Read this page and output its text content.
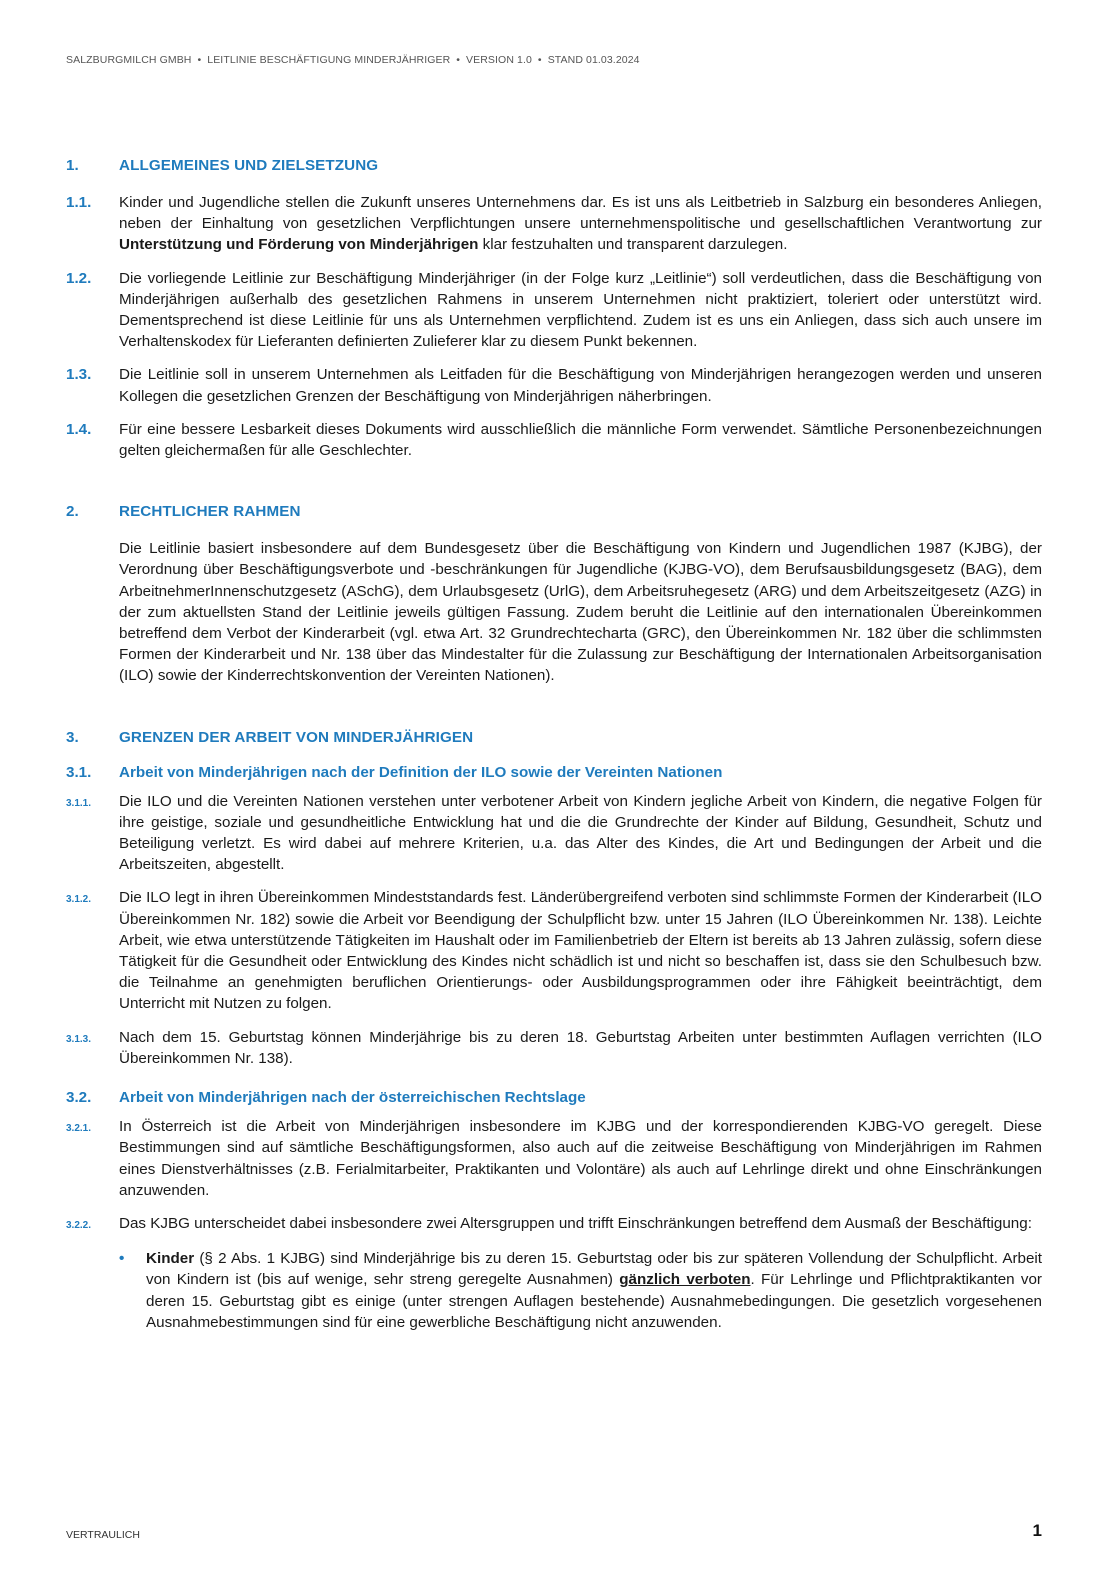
SALZBURGMILCH GMBH • LEITLINIE BESCHÄFTIGUNG MINDERJÄHRIGER • VERSION 1.0 • STAND 01.03.2024
1.	ALLGEMEINES UND ZIELSETZUNG
1.1.	Kinder und Jugendliche stellen die Zukunft unseres Unternehmens dar. Es ist uns als Leitbetrieb in Salzburg ein besonderes Anliegen, neben der Einhaltung von gesetzlichen Verpflichtungen unsere unternehmenspolitische und gesellschaftlichen Verantwortung zur Unterstützung und Förderung von Minderjährigen klar festzuhalten und transparent darzulegen.
1.2.	Die vorliegende Leitlinie zur Beschäftigung Minderjähriger (in der Folge kurz „Leitlinie“) soll verdeutlichen, dass die Beschäftigung von Minderjährigen außerhalb des gesetzlichen Rahmens in unserem Unternehmen nicht praktiziert, toleriert oder unterstützt wird. Dementsprechend ist diese Leitlinie für uns als Unternehmen verpflichtend. Zudem ist es uns ein Anliegen, dass sich auch unsere im Verhaltenskodex für Lieferanten definierten Zulieferer klar zu diesem Punkt bekennen.
1.3.	Die Leitlinie soll in unserem Unternehmen als Leitfaden für die Beschäftigung von Minderjährigen herangezogen werden und unseren Kollegen die gesetzlichen Grenzen der Beschäftigung von Minderjährigen näherbringen.
1.4.	Für eine bessere Lesbarkeit dieses Dokuments wird ausschließlich die männliche Form verwendet. Sämtliche Personenbezeichnungen gelten gleichermaßen für alle Geschlechter.
2.	RECHTLICHER RAHMEN
Die Leitlinie basiert insbesondere auf dem Bundesgesetz über die Beschäftigung von Kindern und Jugendlichen 1987 (KJBG), der Verordnung über Beschäftigungsverbote und -beschränkungen für Jugendliche (KJBG-VO), dem Berufsausbildungsgesetz (BAG), dem ArbeitnehmerInnenschutzgesetz (ASchG), dem Urlaubsgesetz (UrlG), dem Arbeitsruhegesetz (ARG) und dem Arbeitszeitgesetz (AZG) in der zum aktuellsten Stand der Leitlinie jeweils gültigen Fassung. Zudem beruht die Leitlinie auf den internationalen Übereinkommen betreffend dem Verbot der Kinderarbeit (vgl. etwa Art. 32 Grundrechtecharta (GRC), den Übereinkommen Nr. 182 über die schlimmsten Formen der Kinderarbeit und Nr. 138 über das Mindestalter für die Zulassung zur Beschäftigung der Internationalen Arbeitsorganisation (ILO) sowie der Kinderrechtskonvention der Vereinten Nationen).
3.	GRENZEN DER ARBEIT VON MINDERJÄHRIGEN
3.1.	Arbeit von Minderjährigen nach der Definition der ILO sowie der Vereinten Nationen
3.1.1.	Die ILO und die Vereinten Nationen verstehen unter verbotener Arbeit von Kindern jegliche Arbeit von Kindern, die negative Folgen für ihre geistige, soziale und gesundheitliche Entwicklung hat und die die Grundrechte der Kinder auf Bildung, Gesundheit, Schutz und Beteiligung verletzt. Es wird dabei auf mehrere Kriterien, u.a. das Alter des Kindes, die Art und Bedingungen der Arbeit und die Arbeitszeiten, abgestellt.
3.1.2.	Die ILO legt in ihren Übereinkommen Mindeststandards fest. Länderübergreifend verboten sind schlimmste Formen der Kinderarbeit (ILO Übereinkommen Nr. 182) sowie die Arbeit vor Beendigung der Schulpflicht bzw. unter 15 Jahren (ILO Übereinkommen Nr. 138). Leichte Arbeit, wie etwa unterstützende Tätigkeiten im Haushalt oder im Familienbetrieb der Eltern ist bereits ab 13 Jahren zulässig, sofern diese Tätigkeit für die Gesundheit oder Entwicklung des Kindes nicht schädlich ist und nicht so beschaffen ist, dass sie den Schulbesuch bzw. die Teilnahme an genehmigten beruflichen Orientierungs- oder Ausbildungsprogrammen oder ihre Fähigkeit beeinträchtigt, dem Unterricht mit Nutzen zu folgen.
3.1.3.	Nach dem 15. Geburtstag können Minderjährige bis zu deren 18. Geburtstag Arbeiten unter bestimmten Auflagen verrichten (ILO Übereinkommen Nr. 138).
3.2.	Arbeit von Minderjährigen nach der österreichischen Rechtslage
3.2.1.	In Österreich ist die Arbeit von Minderjährigen insbesondere im KJBG und der korrespondierenden KJBG-VO geregelt. Diese Bestimmungen sind auf sämtliche Beschäftigungsformen, also auch auf die zeitweise Beschäftigung von Minderjährigen im Rahmen eines Dienstverhältnisses (z.B. Ferialmitarbeiter, Praktikanten und Volontäre) als auch auf Lehrlinge direkt und ohne Einschränkungen anzuwenden.
3.2.2.	Das KJBG unterscheidet dabei insbesondere zwei Altersgruppen und trifft Einschränkungen betreffend dem Ausmaß der Beschäftigung:
•	Kinder (§ 2 Abs. 1 KJBG) sind Minderjährige bis zu deren 15. Geburtstag oder bis zur späteren Vollendung der Schulpflicht. Arbeit von Kindern ist (bis auf wenige, sehr streng geregelte Ausnahmen) gänzlich verboten. Für Lehrlinge und Pflichtpraktikanten vor deren 15. Geburtstag gibt es einige (unter strengen Auflagen bestehende) Ausnahmebedingungen. Die gesetzlich vorgesehenen Ausnahmebestimmungen sind für eine gewerbliche Beschäftigung nicht anzuwenden.
VERTRAULICH	1
